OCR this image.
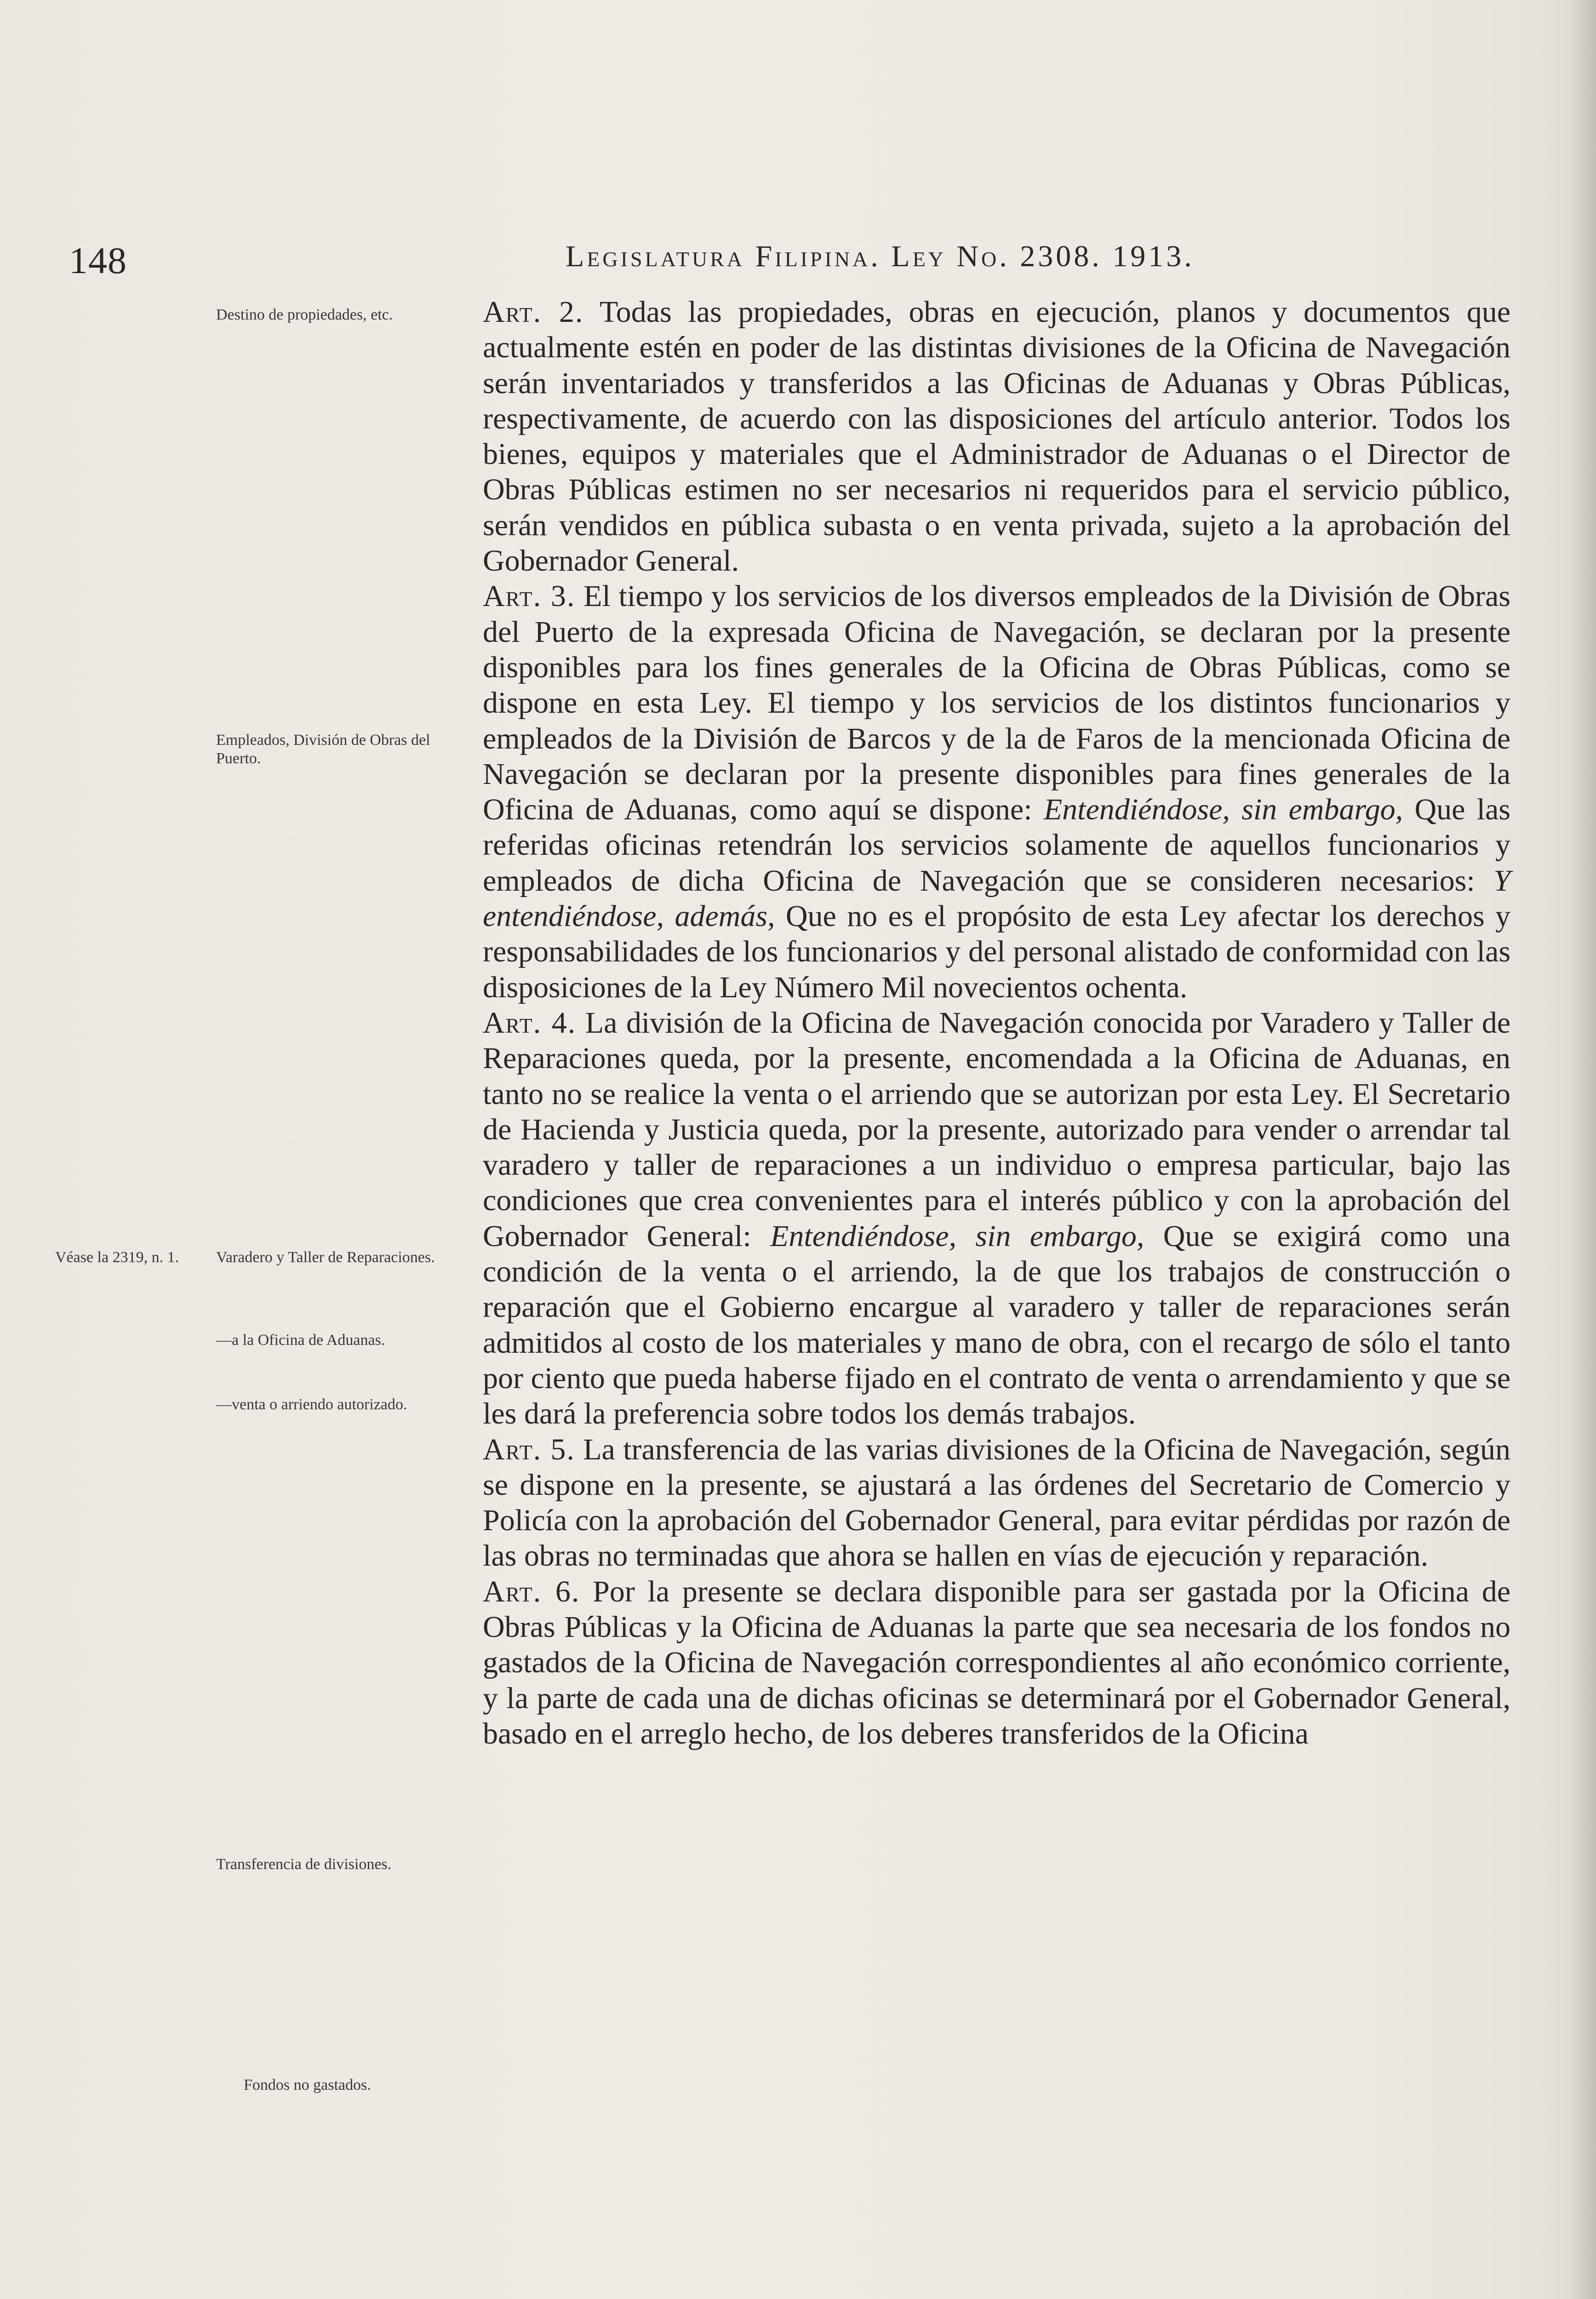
148	Legislatura Filipina. Ley No. 2308. 1913.
Destino de propiedades, etc.
Empleados, División de Obras del Puerto.
Véase la 2319, n. 1.	Varadero y Taller de Reparaciones.
—a la Oficina de Aduanas.
—venta o arriendo autorizado.
Transferencia de divisiones.
Fondos no gastados.

Art. 2. Todas las propiedades, obras en ejecución, planos y documentos que actualmente estén en poder de las distintas divisiones de la Oficina de Navegación serán inventariados y transferidos a las Oficinas de Aduanas y Obras Públicas, respectivamente, de acuerdo con las disposiciones del artículo anterior. Todos los bienes, equipos y materiales que el Administrador de Aduanas o el Director de Obras Públicas estimen no ser necesarios ni requeridos para el servicio público, serán vendidos en pública subasta o en venta privada, sujeto a la aprobación del Gobernador General.

Art. 3. El tiempo y los servicios de los diversos empleados de la División de Obras del Puerto de la expresada Oficina de Navegación, se declaran por la presente disponibles para los fines generales de la Oficina de Obras Públicas, como se dispone en esta Ley. El tiempo y los servicios de los distintos funcionarios y empleados de la División de Barcos y de la de Faros de la mencionada Oficina de Navegación se declaran por la presente disponibles para fines generales de la Oficina de Aduanas, como aquí se dispone: Entendiéndose, sin embargo, Que las referidas oficinas retendrán los servicios solamente de aquellos funcionarios y empleados de dicha Oficina de Navegación que se consideren necesarios: Y entendiéndose, además, Que no es el propósito de esta Ley afectar los derechos y responsabilidades de los funcionarios y del personal alistado de conformidad con las disposiciones de la Ley Número Mil novecientos ochenta.

Art. 4. La división de la Oficina de Navegación conocida por Varadero y Taller de Reparaciones queda, por la presente, encomendada a la Oficina de Aduanas, en tanto no se realice la venta o el arriendo que se autorizan por esta Ley. El Secretario de Hacienda y Justicia queda, por la presente, autorizado para vender o arrendar tal varadero y taller de reparaciones a un individuo o empresa particular, bajo las condiciones que crea convenientes para el interés público y con la aprobación del Gobernador General: Entendiéndose, sin embargo, Que se exigirá como una condición de la venta o el arriendo, la de que los trabajos de construcción o reparación que el Gobierno encargue al varadero y taller de reparaciones serán admitidos al costo de los materiales y mano de obra, con el recargo de sólo el tanto por ciento que pueda haberse fijado en el contrato de venta o arrendamiento y que se les dará la preferencia sobre todos los demás trabajos.

Art. 5. La transferencia de las varias divisiones de la Oficina de Navegación, según se dispone en la presente, se ajustará a las órdenes del Secretario de Comercio y Policía con la aprobación del Gobernador General, para evitar pérdidas por razón de las obras no terminadas que ahora se hallen en vías de ejecución y reparación.

Art. 6. Por la presente se declara disponible para ser gastada por la Oficina de Obras Públicas y la Oficina de Aduanas la parte que sea necesaria de los fondos no gastados de la Oficina de Navegación correspondientes al año económico corriente, y la parte de cada una de dichas oficinas se determinará por el Gobernador General, basado en el arreglo hecho, de los deberes transferidos de la Oficina
